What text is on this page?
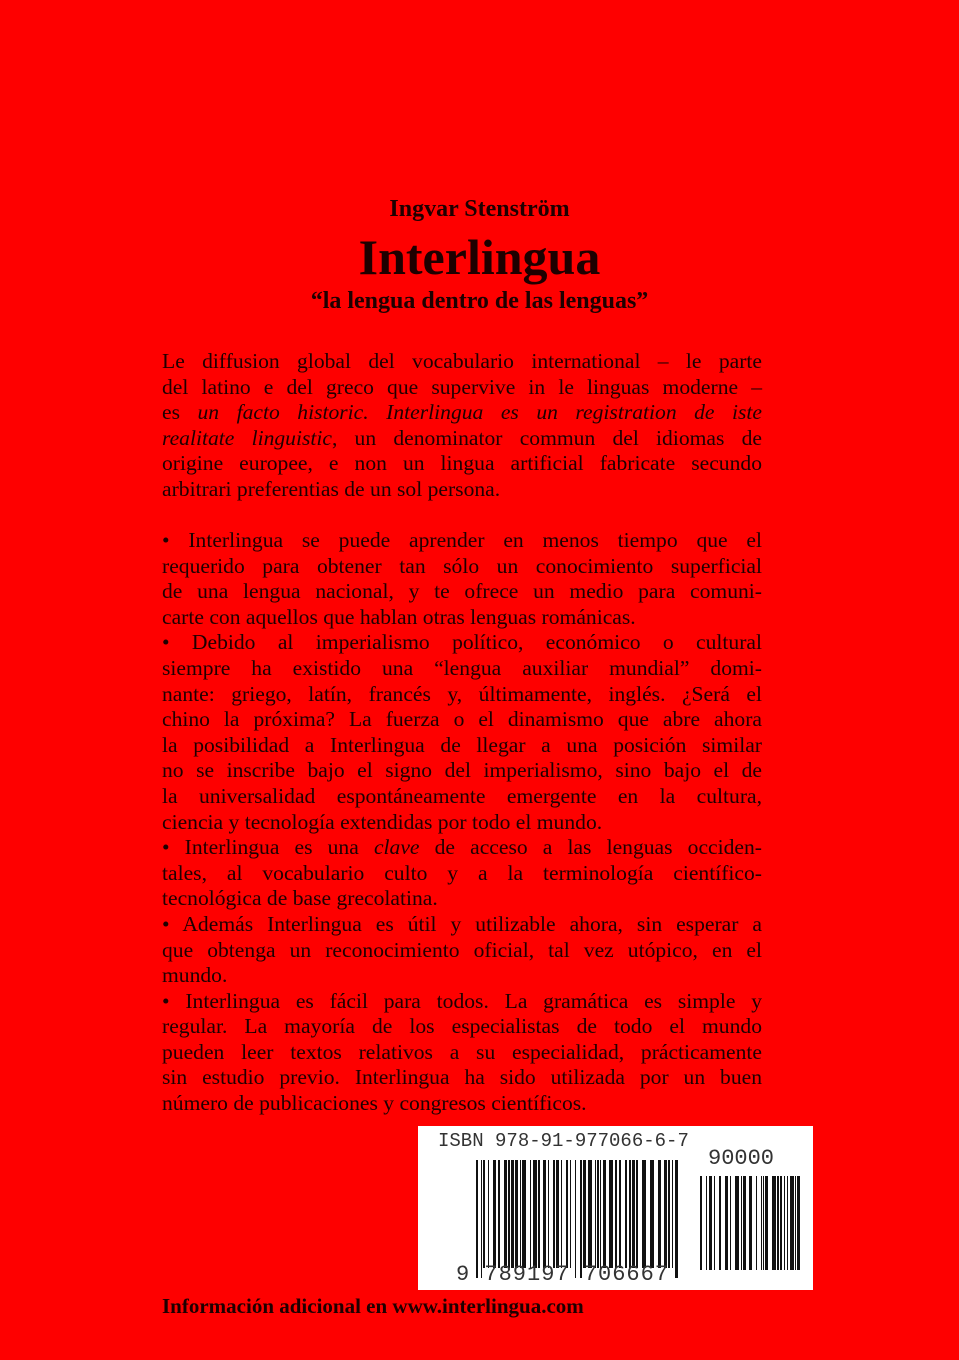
Ingvar Stenström
Interlingua
“la lengua dentro de las lenguas”
Le diffusion global del vocabulario international – le parte
del latino e del greco que supervive in le linguas moderne –
es un facto historic. Interlingua es un registration de iste
realitate linguistic, un denominator commun del idiomas de
origine europee, e non un lingua artificial fabricate secundo
arbitrari preferentias de un sol persona.
• Interlingua se puede aprender en menos tiempo que el
requerido para obtener tan sólo un conocimiento superficial
de una lengua nacional, y te ofrece un medio para comuni-
carte con aquellos que hablan otras lenguas románicas.
• Debido al imperialismo político, económico o cultural
siempre ha existido una “lengua auxiliar mundial” domi-
nante: griego, latín, francés y, últimamente, inglés. ¿Será el
chino la próxima? La fuerza o el dinamismo que abre ahora
la posibilidad a Interlingua de llegar a una posición similar
no se inscribe bajo el signo del imperialismo, sino bajo el de
la universalidad espontáneamente emergente en la cultura,
ciencia y tecnología extendidas por todo el mundo.
• Interlingua es una clave de acceso a las lenguas occiden-
tales, al vocabulario culto y a la terminología científico-
tecnológica de base grecolatina.
• Además Interlingua es útil y utilizable ahora, sin esperar a
que obtenga un reconocimiento oficial, tal vez utópico, en el
mundo.
• Interlingua es fácil para todos. La gramática es simple y
regular. La mayoría de los especialistas de todo el mundo
pueden leer textos relativos a su especialidad, prácticamente
sin estudio previo. Interlingua ha sido utilizada por un buen
número de publicaciones y congresos científicos.
ISBN 978-91-977066-6-7
90000
9 789197 706667
Información adicional en www.interlingua.com
